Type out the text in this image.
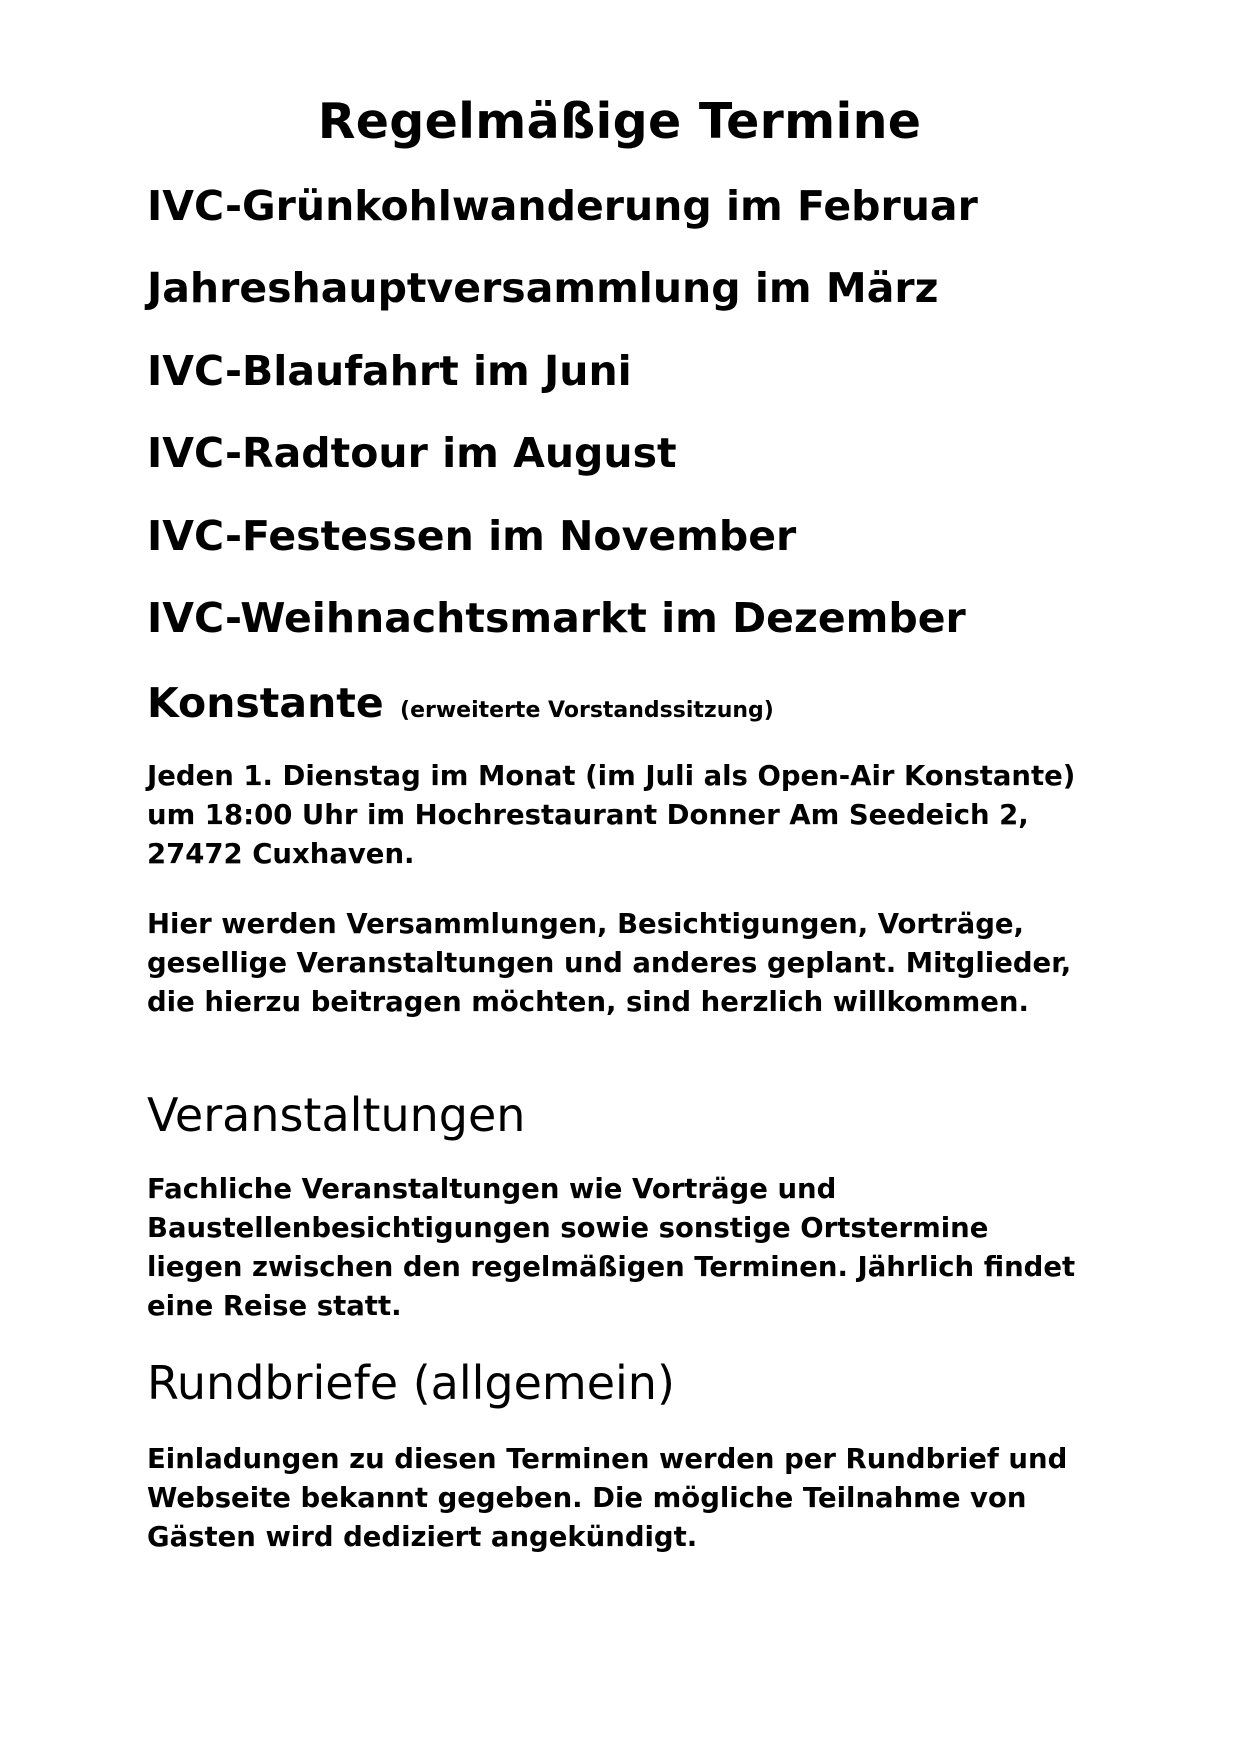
Regelmäßige Termine

IVC-Grünkohlwanderung im Februar

Jahreshauptversammlung im März

IVC-Blaufahrt im Juni

IVC-Radtour im August

IVC-Festessen im November

IVC-Weihnachtsmarkt im Dezember

Konstante (erweiterte Vorstandssitzung)

Jeden 1. Dienstag im Monat (im Juli als Open-Air Konstante) um 18:00 Uhr im Hochrestaurant Donner Am Seedeich 2, 27472 Cuxhaven.

Hier werden Versammlungen, Besichtigungen, Vorträge, gesellige Veranstaltungen und anderes geplant. Mitglieder, die hierzu beitragen möchten, sind herzlich willkommen.

Veranstaltungen

Fachliche Veranstaltungen wie Vorträge und Baustellenbesichtigungen sowie sonstige Ortstermine liegen zwischen den regelmäßigen Terminen. Jährlich findet eine Reise statt.

Rundbriefe (allgemein)

Einladungen zu diesen Terminen werden per Rundbrief und Webseite bekannt gegeben. Die mögliche Teilnahme von Gästen wird dediziert angekündigt.
